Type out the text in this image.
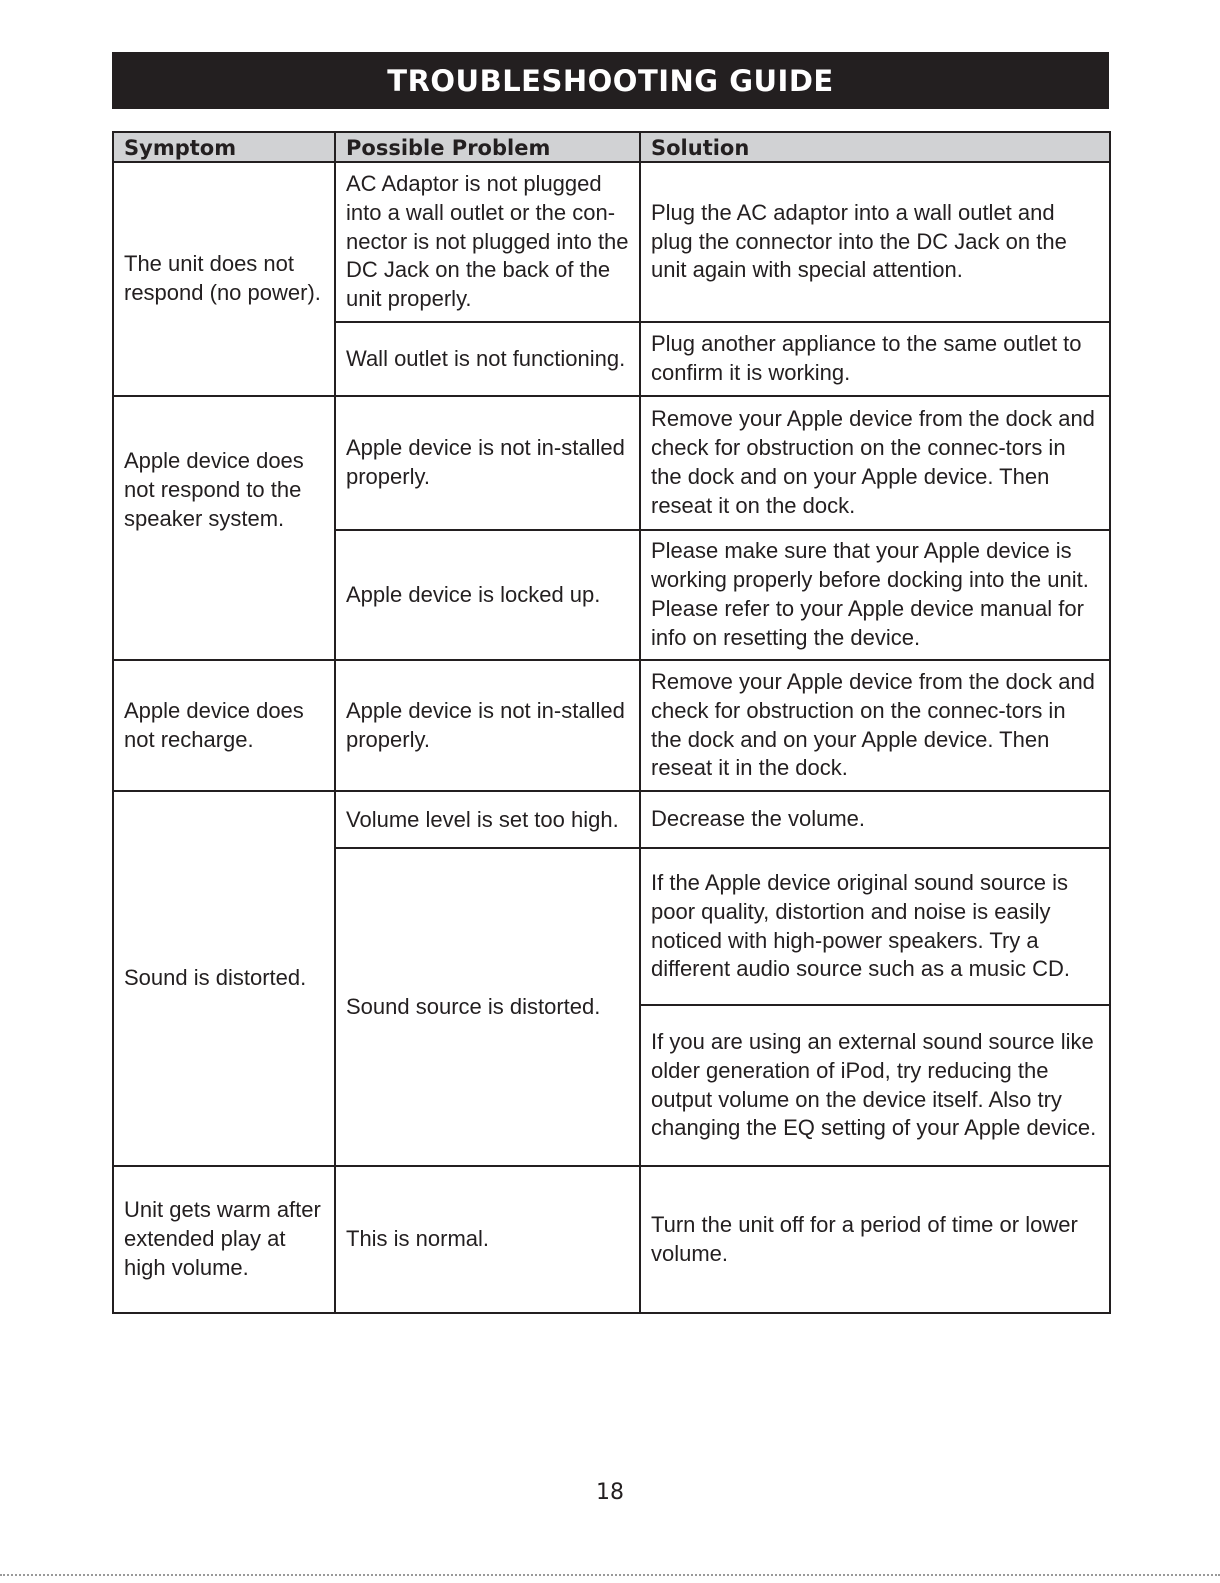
TROUBLESHOOTING GUIDE
Symptom	Possible Problem	Solution
The unit does not respond (no power).	AC Adaptor is not plugged into a wall outlet or the con-nector is not plugged into the DC Jack on the back of the unit properly.	Plug the AC adaptor into a wall outlet and plug the connector into the DC Jack on the unit again with special attention.
	Wall outlet is not functioning.	Plug another appliance to the same outlet to confirm it is working.
Apple device does not respond to the speaker system.	Apple device is not in-stalled properly.	Remove your Apple device from the dock and check for obstruction on the connec-tors in the dock and on your Apple device. Then reseat it on the dock.
	Apple device is locked up.	Please make sure that your Apple device is working properly before docking into the unit. Please refer to your Apple device manual for info on resetting the device.
Apple device does not recharge.	Apple device is not in-stalled properly.	Remove your Apple device from the dock and check for obstruction on the connec-tors in the dock and on your Apple device. Then reseat it in the dock.
Sound is distorted.	Volume level is set too high.	Decrease the volume.
	Sound source is distorted.	If the Apple device original sound source is poor quality, distortion and noise is easily noticed with high-power speakers. Try a different audio source such as a music CD.
		If you are using an external sound source like older generation of iPod, try reducing the output volume on the device itself. Also try changing the EQ setting of your Apple device.
Unit gets warm after extended play at high volume.	This is normal.	Turn the unit off for a period of time or lower volume.
18
